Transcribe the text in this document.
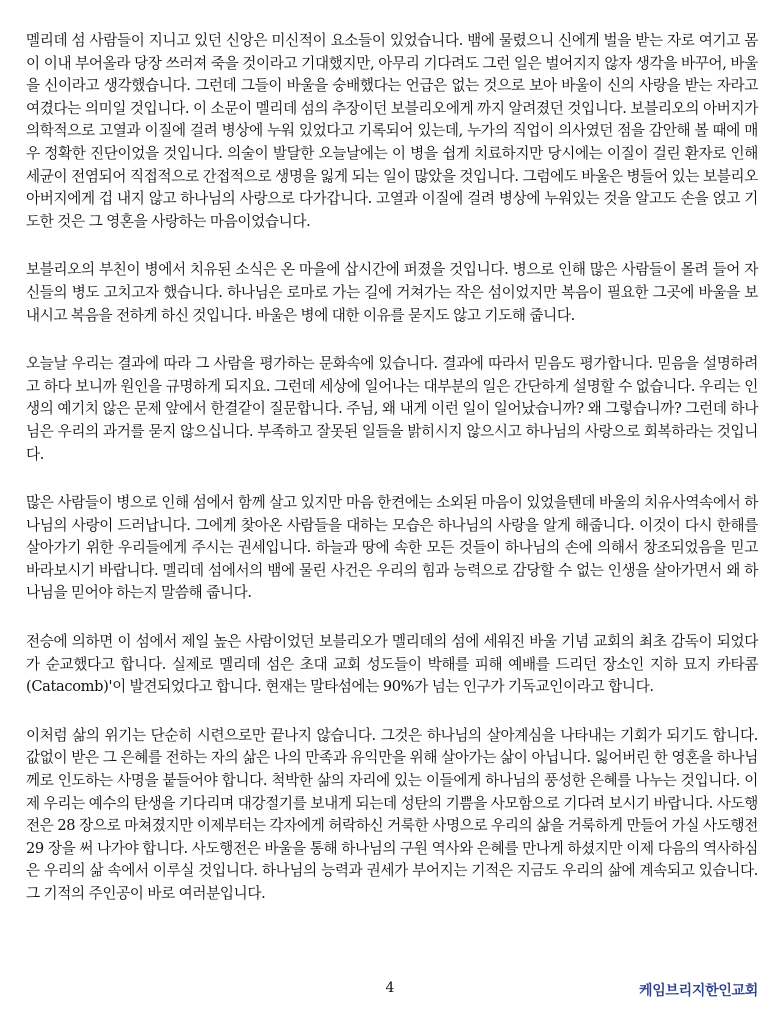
멜리데 섬 사람들이 지니고 있던 신앙은 미신적이 요소들이 있었습니다. 뱀에 물렸으니 신에게 벌을 받는 자로 여기고 몸이 이내 부어올라 당장 쓰러져 죽을 것이라고 기대했지만, 아무리 기다려도 그런 일은 벌어지지 않자 생각을 바꾸어, 바울을 신이라고 생각했습니다. 그런데 그들이 바울을 숭배했다는 언급은 없는 것으로 보아 바울이 신의 사랑을 받는 자라고 여겼다는 의미일 것입니다. 이 소문이 멜리데 섬의 추장이던 보블리오에게 까지 알려졌던 것입니다. 보블리오의 아버지가 의학적으로 고열과 이질에 걸려 병상에 누워 있었다고 기록되어 있는데, 누가의 직업이 의사였던 점을 감안해 볼 때에 매우 정확한 진단이었을 것입니다. 의술이 발달한 오늘날에는 이 병을 쉽게 치료하지만 당시에는 이질이 걸린 환자로 인해 세균이 전염되어 직접적으로 간접적으로 생명을 잃게 되는 일이 많았을 것입니다. 그럼에도 바울은 병들어 있는 보블리오 아버지에게 겁 내지 않고 하나님의 사랑으로 다가갑니다. 고열과 이질에 걸려 병상에 누워있는 것을 알고도 손을 얹고 기도한 것은 그 영혼을 사랑하는 마음이었습니다.

보블리오의 부친이 병에서 치유된 소식은 온 마을에 삽시간에 퍼졌을 것입니다. 병으로 인해 많은 사람들이 몰려 들어 자신들의 병도 고치고자 했습니다. 하나님은 로마로 가는 길에 거쳐가는 작은 섬이었지만 복음이 필요한 그곳에 바울을 보내시고 복음을 전하게 하신 것입니다. 바울은 병에 대한 이유를 묻지도 않고 기도해 줍니다.

오늘날 우리는 결과에 따라 그 사람을 평가하는 문화속에 있습니다. 결과에 따라서 믿음도 평가합니다. 믿음을 설명하려고 하다 보니까 원인을 규명하게 되지요. 그런데 세상에 일어나는 대부분의 일은 간단하게 설명할 수 없습니다. 우리는 인생의 예기치 않은 문제 앞에서 한결같이 질문합니다. 주님, 왜 내게 이런 일이 일어났습니까? 왜 그렇습니까? 그런데 하나님은 우리의 과거를 묻지 않으십니다. 부족하고 잘못된 일들을 밝히시지 않으시고 하나님의 사랑으로 회복하라는 것입니다.

많은 사람들이 병으로 인해 섬에서 함께 살고 있지만 마음 한켠에는 소외된 마음이 있었을텐데 바울의 치유사역속에서 하나님의 사랑이 드러납니다. 그에게 찾아온 사람들을 대하는 모습은 하나님의 사랑을 알게 해줍니다. 이것이 다시 한해를 살아가기 위한 우리들에게 주시는 권세입니다. 하늘과 땅에 속한 모든 것들이 하나님의 손에 의해서 창조되었음을 믿고 바라보시기 바랍니다. 멜리데 섬에서의 뱀에 물린 사건은 우리의 힘과 능력으로 감당할 수 없는 인생을 살아가면서 왜 하나님을 믿어야 하는지 말씀해 줍니다.

전승에 의하면 이 섬에서 제일 높은 사람이었던 보블리오가 멜리데의 섬에 세워진 바울 기념 교회의 최초 감독이 되었다가 순교했다고 합니다. 실제로 멜리데 섬은 초대 교회 성도들이 박해를 피해 예배를 드리던 장소인 지하 묘지 카타콤(Catacomb)'이 발견되었다고 합니다. 현재는 말타섬에는 90%가 넘는 인구가 기독교인이라고 합니다.

이처럼 삶의 위기는 단순히 시련으로만 끝나지 않습니다. 그것은 하나님의 살아계심을 나타내는 기회가 되기도 합니다. 값없이 받은 그 은혜를 전하는 자의 삶은 나의 만족과 유익만을 위해 살아가는 삶이 아닙니다. 잃어버린 한 영혼을 하나님께로 인도하는 사명을 붙들어야 합니다. 척박한 삶의 자리에 있는 이들에게 하나님의 풍성한 은혜를 나누는 것입니다. 이제 우리는 예수의 탄생을 기다리며 대강절기를 보내게 되는데 성탄의 기쁨을 사모함으로 기다려 보시기 바랍니다. 사도행전은 28 장으로 마쳐졌지만 이제부터는 각자에게 허락하신 거룩한 사명으로 우리의 삶을 거룩하게 만들어 가실 사도행전 29 장을 써 나가야 합니다. 사도행전은 바울을 통해 하나님의 구원 역사와 은혜를 만나게 하셨지만 이제 다음의 역사하심은 우리의 삶 속에서 이루실 것입니다. 하나님의 능력과 권세가 부어지는 기적은 지금도 우리의 삶에 계속되고 있습니다. 그 기적의 주인공이 바로 여러분입니다.

4	케임브리지한인교회
